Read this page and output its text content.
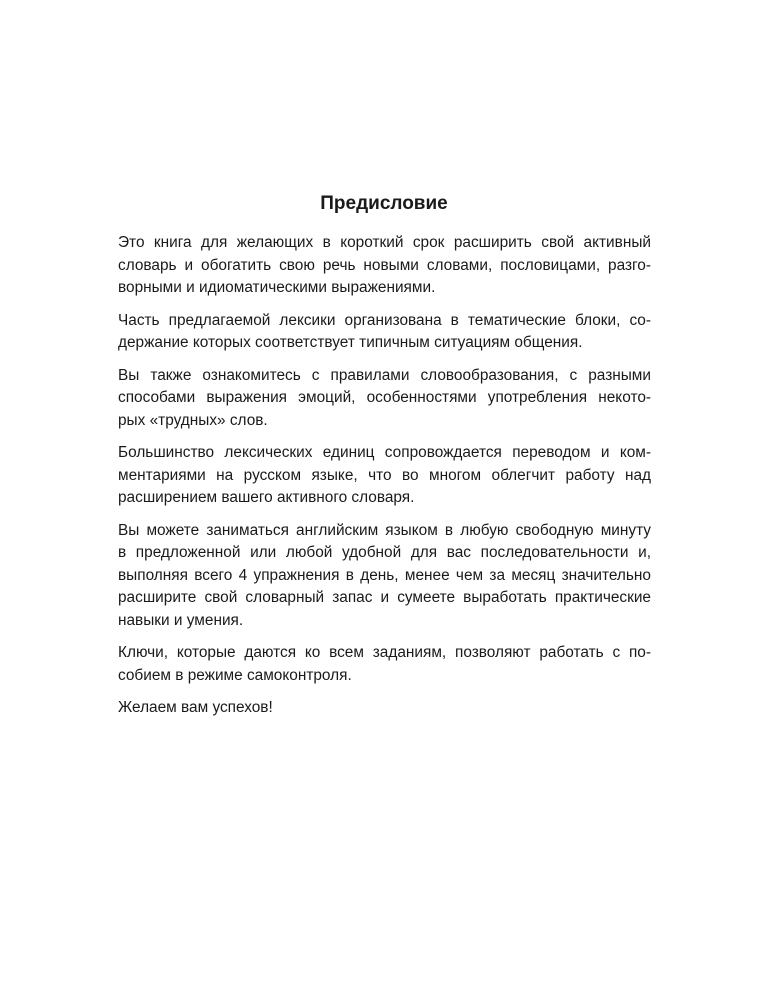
Предисловие

Это книга для желающих в короткий срок расширить свой активный
словарь и обогатить свою речь новыми словами, пословицами, разго-
ворными и идиоматическими выражениями.

Часть предлагаемой лексики организована в тематические блоки, со-
держание которых соответствует типичным ситуациям общения.

Вы также ознакомитесь с правилами словообразования, с разными
способами выражения эмоций, особенностями употребления некото-
рых «трудных» слов.

Большинство лексических единиц сопровождается переводом и ком-
ментариями на русском языке, что во многом облегчит работу над
расширением вашего активного словаря.

Вы можете заниматься английским языком в любую свободную минуту
в предложенной или любой удобной для вас последовательности и,
выполняя всего 4 упражнения в день, менее чем за месяц значительно
расширите свой словарный запас и сумеете выработать практические
навыки и умения.

Ключи, которые даются ко всем заданиям, позволяют работать с по-
собием в режиме самоконтроля.

Желаем вам успехов!
